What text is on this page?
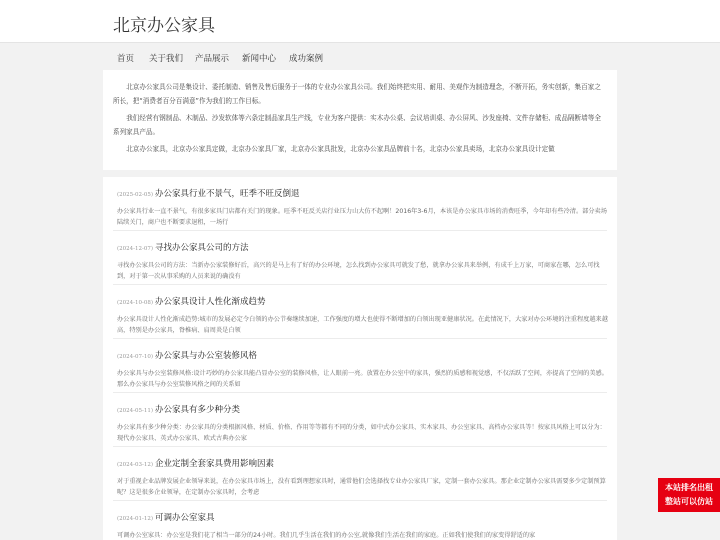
北京办公家具
首页 关于我们 产品展示 新闻中心 成功案例

北京办公家具公司是集设计、委托制造、销售及售后服务于一体的专业办公家具公司。我们始终把实用、耐用、美观作为制造理念，不断开拓，务实创新，集百家之所长，把“消费者百分百满意”作为我们的工作目标。

我们经营有钢制品、木制品、沙发软体等六条定制品家具生产线，专业为客户提供：实木办公桌、会议培训桌、办公屏风、沙发座椅、文件存储柜、成品隔断墙等全系列家具产品。

北京办公家具，北京办公家具定做，北京办公家具厂家，北京办公家具批发，北京办公家具品牌前十名，北京办公家具卖场，北京办公家具设计定做

(2025-02-05) 办公家具行业不景气，旺季不旺反倒退
办公家具行业一直不景气，有很多家具门店都有关门的现象。旺季不旺反关店行业压力山大仿不起啊！2016年3-6月，本该是办公家具市场的消费旺季，今年却有些冷清。部分卖场陆续关门，商户也不断要求退租，一场行
(2024-12-07) 寻找办公家具公司的方法
寻找办公家具公司的方法：当新办公家装修好后，高兴的是马上有了好的办公环境，怎么找到办公家具可就发了愁，就拿办公家具来举例，有成千上万家，可商家在哪，怎么可找到，对于第一次从事采购的人员来说的确没有
(2024-10-08) 办公家具设计人性化渐成趋势
办公家具设计人性化渐成趋势:城市的发展必定令白领的办公节奏继续加速，工作强度的增大也使得不断增加的白领出现亚健康状况。在此情况下，大家对办公环境的注重程度越来越高，特别是办公家具，脊椎病、肩周炎是白领
(2024-07-10) 办公家具与办公室装修风格
办公家具与办公室装修风格:设计巧妙的办公家具能凸显办公室的装修风格，让人眼前一亮。放置在办公室中的家具，强烈的质感和视觉感，不仅活跃了空间，亦提高了空间的美感。那么办公家具与办公室装修风格之间的关系如
(2024-05-11) 办公家具有多少种分类
办公家具有多少种分类：办公家具的分类根据风格、材质、价格、作用等等都有不同的分类，如中式办公家具、实木家具、办公室家具、高档办公家具等！按家具风格上可以分为：现代办公家具、英式办公家具、欧式古典办公家
(2024-03-12) 企业定制全套家具费用影响因素
对于重视企业品牌发展企业领导来说，在办公家具市场上，没有看到理想家具时，通常他们会选择找专业办公家具厂家，定制一套办公家具。那企业定制办公家具需要多少定制预算呢？这是很多企业领导，在定制办公家具时，会考虑
(2024-01-12) 可调办公室家具
可调办公室家具：办公室是我们花了相当一部分的24小时。我们几乎生活在我们的办公室,就像我们生活在我们的家庭。正如我们使我们的家变得舒适的家
本站排名出租
整站可以仿站
